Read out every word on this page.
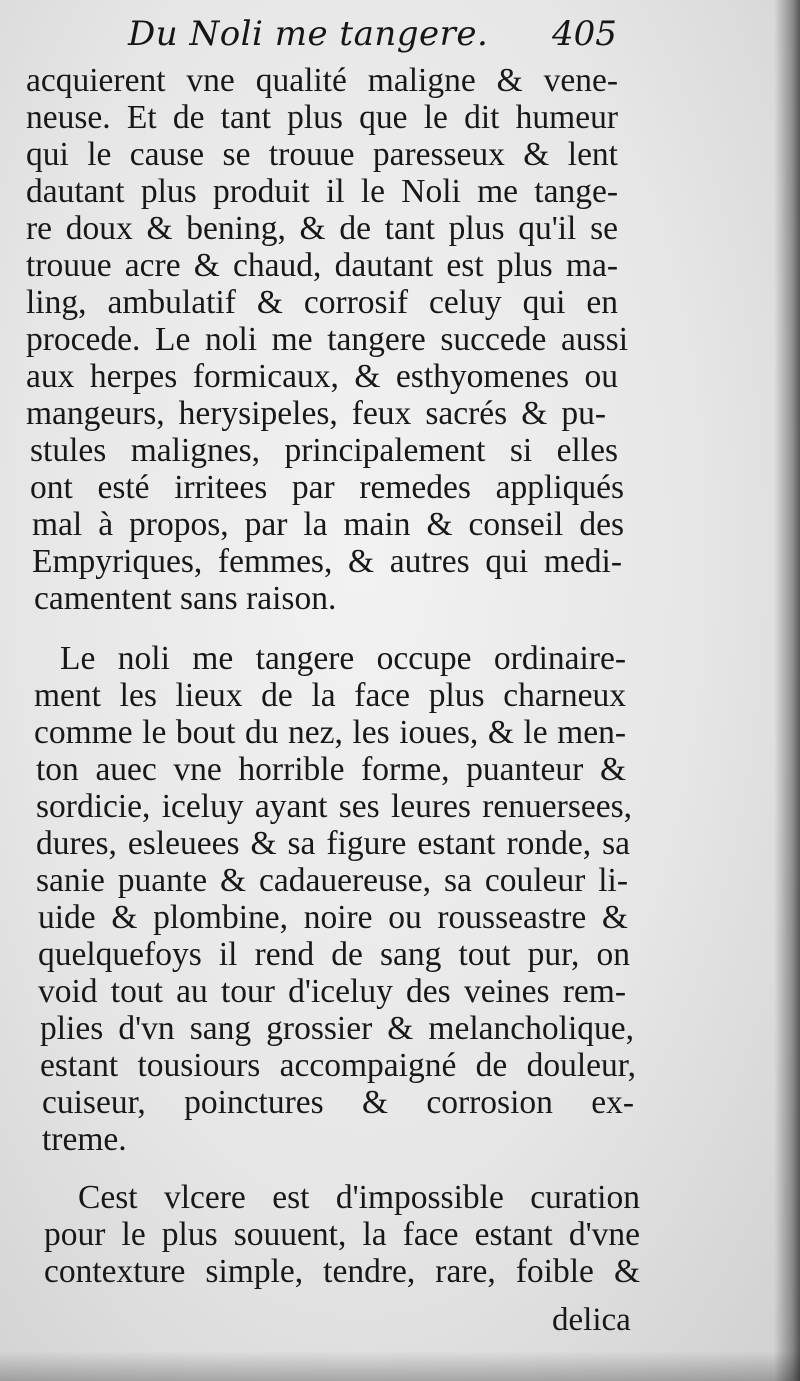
Du Noli me tangere. 405
acquierent vne qualité maligne & vene-
neuse. Et de tant plus que le dit humeur
qui le cause se trouue paresseux & lent
dautant plus produit il le Noli me tange-
re doux & bening, & de tant plus qu'il se
trouue acre & chaud, dautant est plus ma-
ling, ambulatif & corrosif celuy qui en
procede. Le noli me tangere succede aussi
aux herpes formicaux, & esthyomenes ou
mangeurs, herysipeles, feux sacrés & pu-
stules malignes, principalement si elles
ont esté irritees par remedes appliqués
mal à propos, par la main & conseil des
Empyriques, femmes, & autres qui medi-
camentent sans raison.
Le noli me tangere occupe ordinaire-
ment les lieux de la face plus charneux
comme le bout du nez, les ioues, & le men-
ton auec vne horrible forme, puanteur &
sordicie, iceluy ayant ses leures renuersees,
dures, esleuees & sa figure estant ronde, sa
sanie puante & cadauereuse, sa couleur li-
uide & plombine, noire ou rousseastre &
quelquefoys il rend de sang tout pur, on
void tout au tour d'iceluy des veines rem-
plies d'vn sang grossier & melancholique,
estant tousiours accompaigné de douleur,
cuiseur, poinctures & corrosion ex-
treme.
Cest vlcere est d'impossible curation
pour le plus souuent, la face estant d'vne
contexture simple, tendre, rare, foible &
delica
